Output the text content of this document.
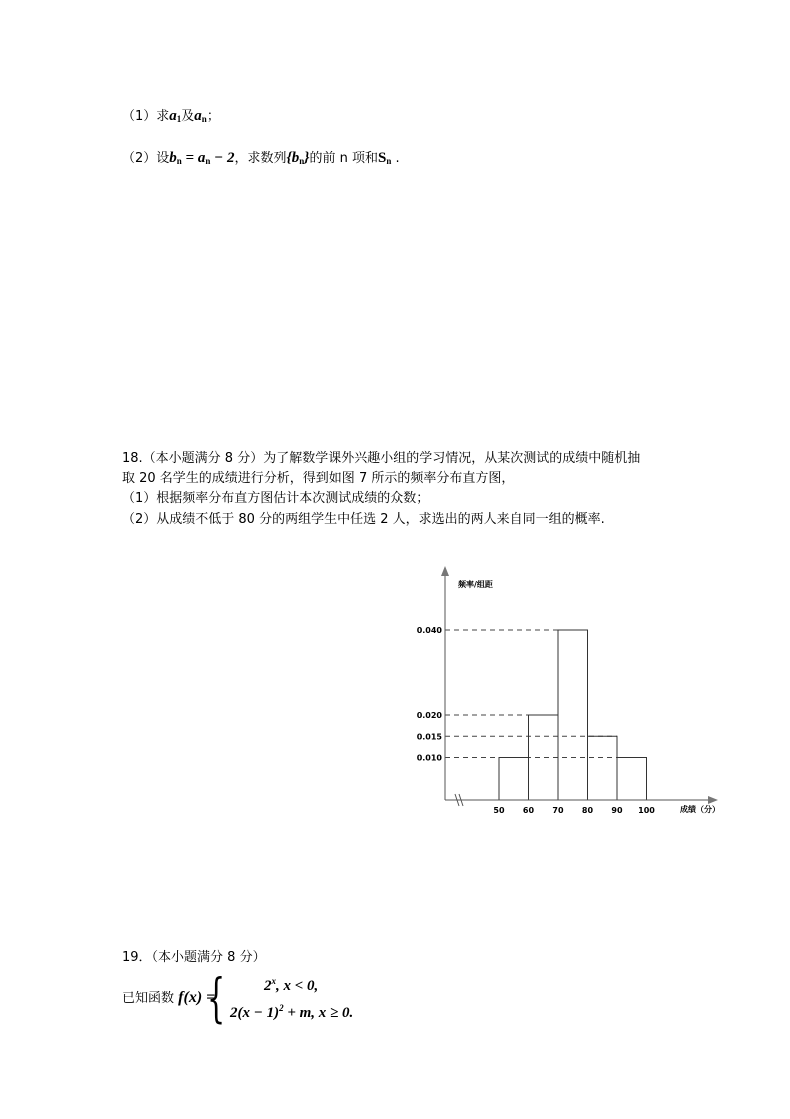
（1）求$a_1$及$a_n$；
（2）设$b_n = a_n - 2$，求数列$\{b_n\}$的前 n 项和$S_n$ .
18.（本小题满分 8 分）为了解数学课外兴趣小组的学习情况，从某次测试的成绩中随机抽
取 20 名学生的成绩进行分析，得到如图 7 所示的频率分布直方图，
（1）根据频率分布直方图估计本次测试成绩的众数；
（2）从成绩不低于 80 分的两组学生中任选 2 人，求选出的两人来自同一组的概率.
频率/组距
成绩（分）
0.040
0.020
0.015
0.010
50 60 70 80 90 100
19．（本小题满分 8 分）
已知函数 f(x) =
{	2$^x$, x < 0,
$2(x - 1)^2 + m$, x ≥ 0.
